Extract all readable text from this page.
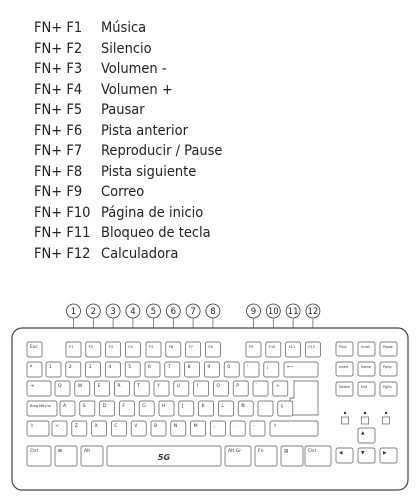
FN+ F1 Música
FN+ F2 Silencio
FN+ F3 Volumen -
FN+ F4 Volumen +
FN+ F5 Pausar
FN+ F6 Pista anterior
FN+ F7 Reproducir / Pause
FN+ F8 Pista siguiente
FN+ F9 Correo
FN+ F10 Página de inicio
FN+ F11 Bloqueo de tecla
FN+ F12 Calculadora
1 2 3 4 5 6 7 8	9 10 11 12
Esc	F1	F2	F3	F4	F5	F6	F7	F8	F9	F10	F11	F12	Print	Scroll	Pause
Insert	Home	PgUp
Delete	End	PgDn
º	1	2	3	4	5	6	7	8	9	0	'	¡	⟵
⇥	Q	W	E	R	T	Y	U	I	O	P	`	+
Bloq Mayús	A	S	D	F	G	H	J	K	L	Ñ	´	ç
⇧	<	Z	X	C	V	B	N	M	,	.	-	⇧
Ctrl	⊞	Alt	Alt Gr	Fn	▤	Ctrl
5G
▲
◀	▼	▶
